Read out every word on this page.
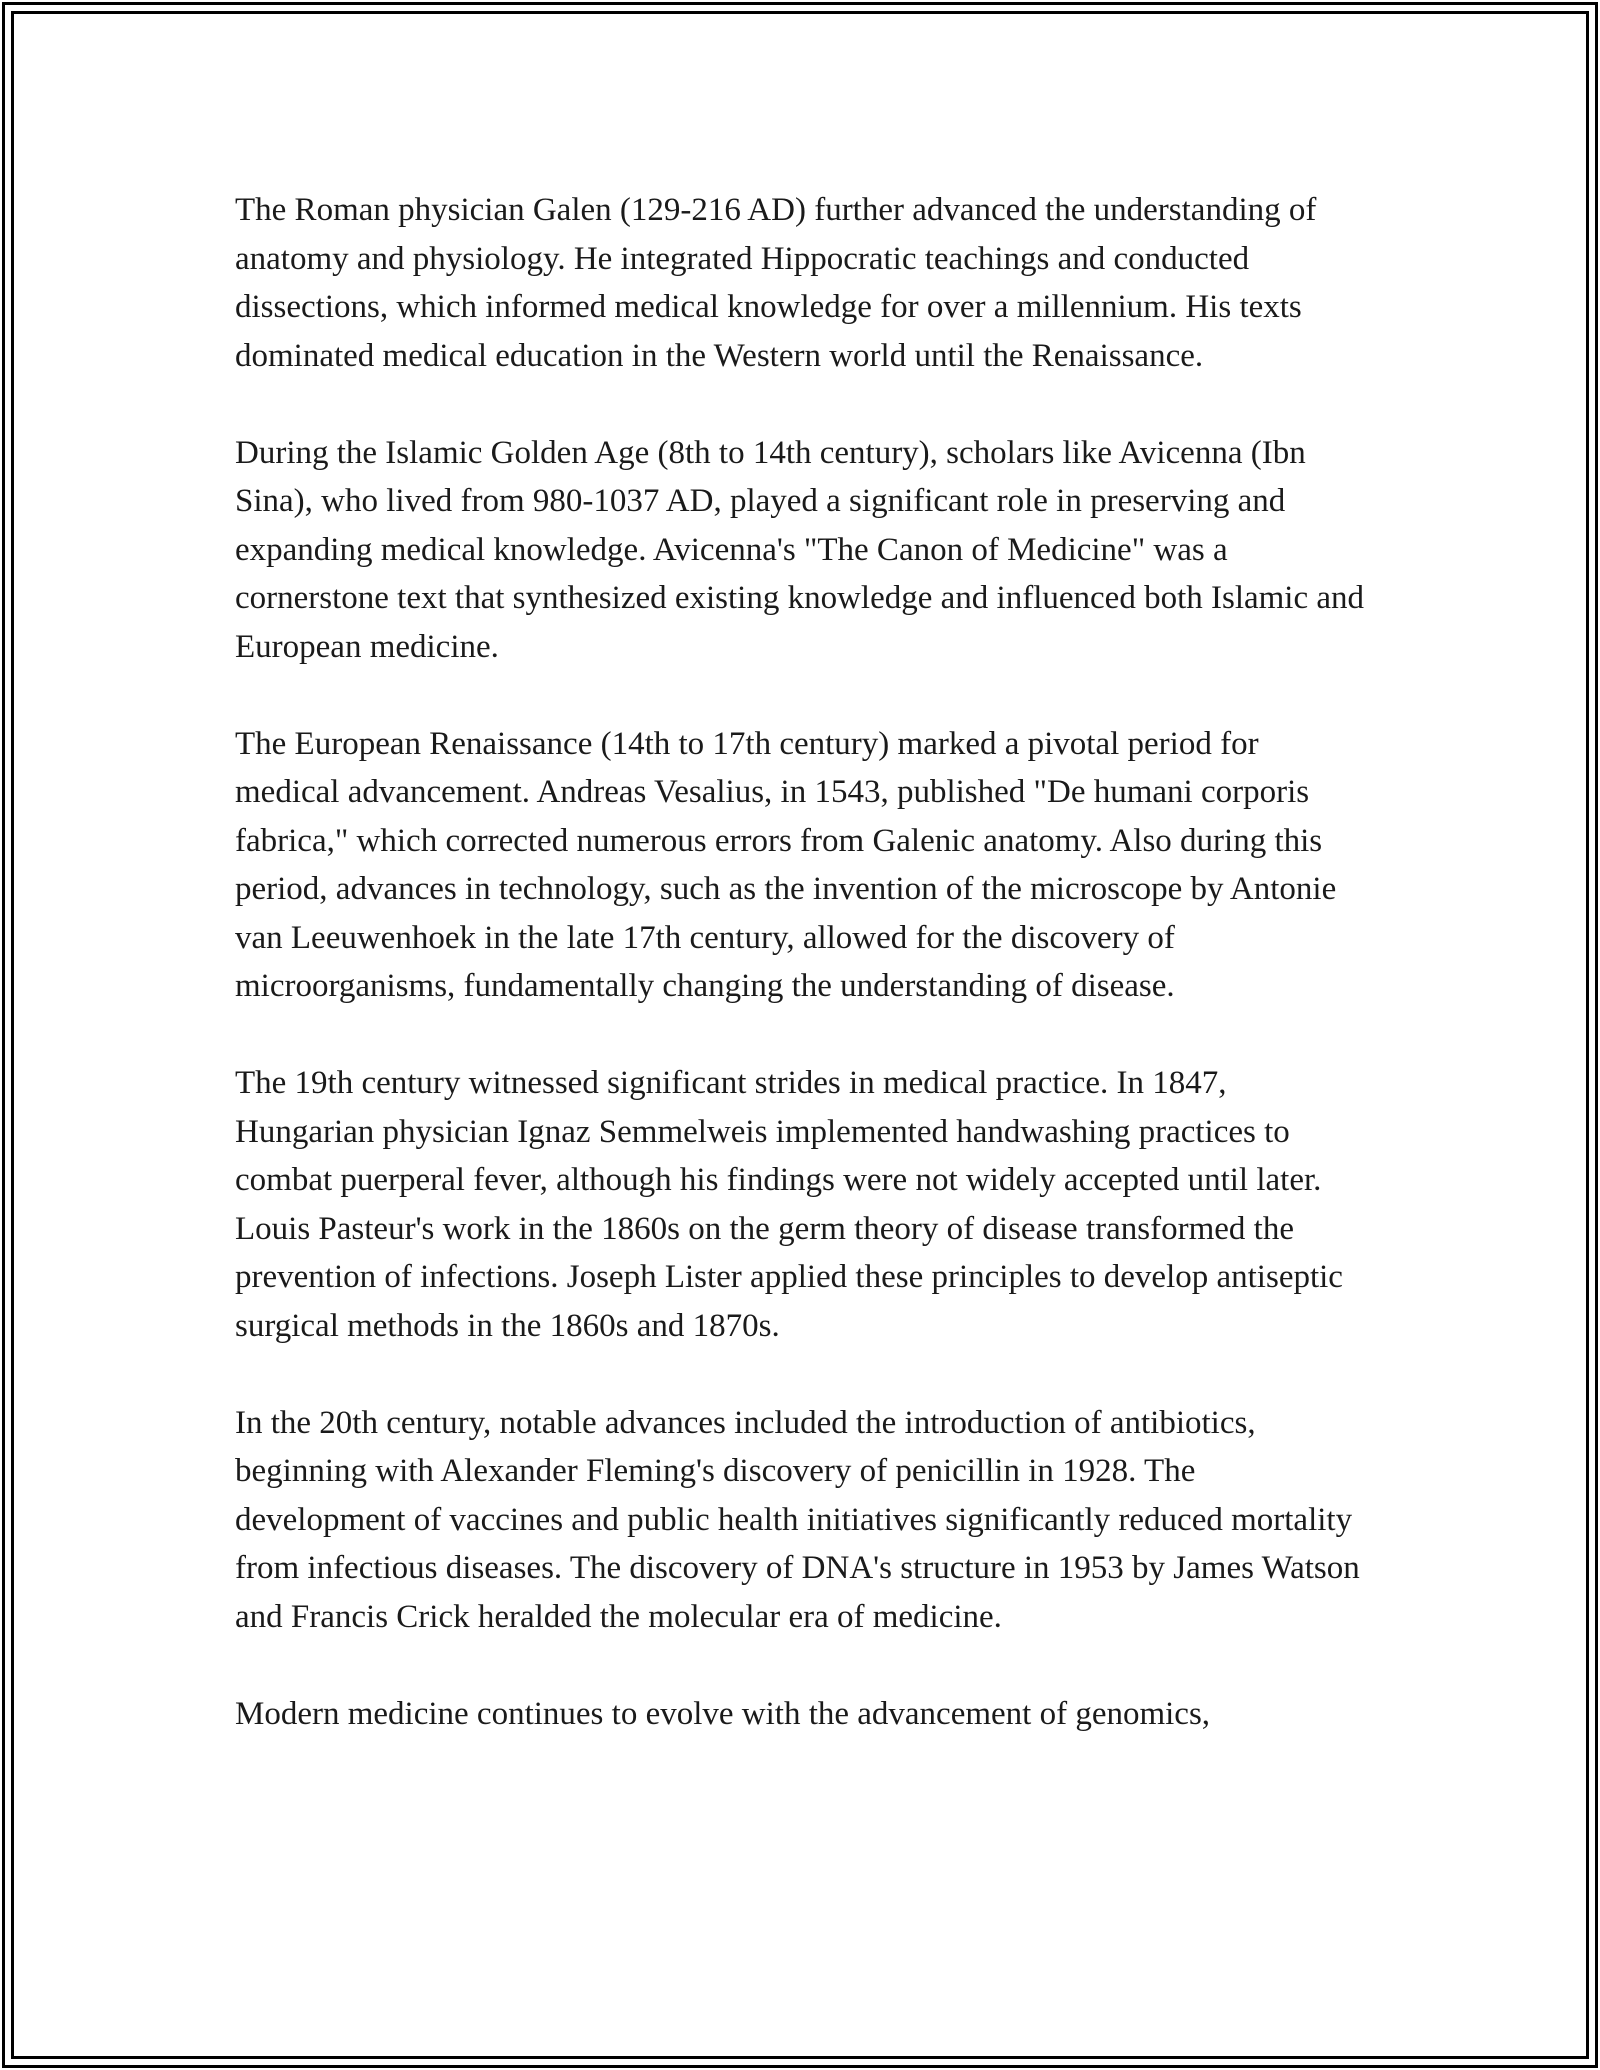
The Roman physician Galen (129-216 AD) further advanced the understanding of anatomy and physiology. He integrated Hippocratic teachings and conducted dissections, which informed medical knowledge for over a millennium. His texts dominated medical education in the Western world until the Renaissance.

During the Islamic Golden Age (8th to 14th century), scholars like Avicenna (Ibn Sina), who lived from 980-1037 AD, played a significant role in preserving and expanding medical knowledge. Avicenna's "The Canon of Medicine" was a cornerstone text that synthesized existing knowledge and influenced both Islamic and European medicine.

The European Renaissance (14th to 17th century) marked a pivotal period for medical advancement. Andreas Vesalius, in 1543, published "De humani corporis fabrica," which corrected numerous errors from Galenic anatomy. Also during this period, advances in technology, such as the invention of the microscope by Antonie van Leeuwenhoek in the late 17th century, allowed for the discovery of microorganisms, fundamentally changing the understanding of disease.

The 19th century witnessed significant strides in medical practice. In 1847, Hungarian physician Ignaz Semmelweis implemented handwashing practices to combat puerperal fever, although his findings were not widely accepted until later. Louis Pasteur's work in the 1860s on the germ theory of disease transformed the prevention of infections. Joseph Lister applied these principles to develop antiseptic surgical methods in the 1860s and 1870s.

In the 20th century, notable advances included the introduction of antibiotics, beginning with Alexander Fleming's discovery of penicillin in 1928. The development of vaccines and public health initiatives significantly reduced mortality from infectious diseases. The discovery of DNA's structure in 1953 by James Watson and Francis Crick heralded the molecular era of medicine.

Modern medicine continues to evolve with the advancement of genomics,
